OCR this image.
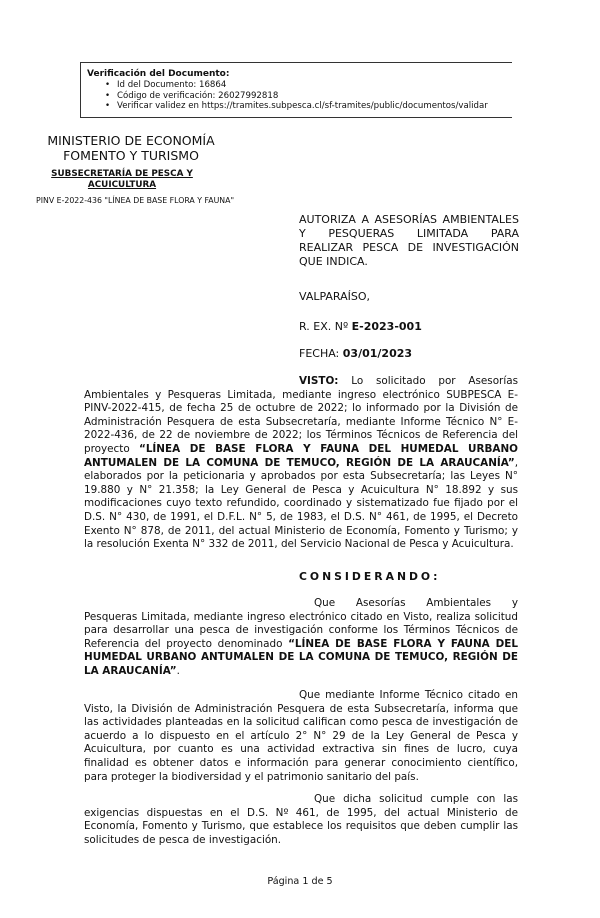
Verificación del Documento:
• Id del Documento: 16864
• Código de verificación: 26027992818
• Verificar validez en https://tramites.subpesca.cl/sf-tramites/public/documentos/validar
MINISTERIO DE ECONOMÍA
FOMENTO Y TURISMO
SUBSECRETARÍA DE PESCA Y ACUICULTURA
PINV E-2022-436 "LÍNEA DE BASE FLORA Y FAUNA"
AUTORIZA A ASESORÍAS AMBIENTALES Y PESQUERAS LIMITADA PARA REALIZAR PESCA DE INVESTIGACIÓN QUE INDICA.
VALPARAÍSO,
R. EX. Nº E-2023-001
FECHA: 03/01/2023
VISTO: Lo solicitado por Asesorías Ambientales y Pesqueras Limitada, mediante ingreso electrónico SUBPESCA E-PINV-2022-415, de fecha 25 de octubre de 2022; lo informado por la División de Administración Pesquera de esta Subsecretaría, mediante Informe Técnico N° E-2022-436, de 22 de noviembre de 2022; los Términos Técnicos de Referencia del proyecto “LÍNEA DE BASE FLORA Y FAUNA DEL HUMEDAL URBANO ANTUMALEN DE LA COMUNA DE TEMUCO, REGIÓN DE LA ARAUCANÍA”, elaborados por la peticionaria y aprobados por esta Subsecretaría; las Leyes N° 19.880 y N° 21.358; la Ley General de Pesca y Acuicultura N° 18.892 y sus modificaciones cuyo texto refundido, coordinado y sistematizado fue fijado por el D.S. N° 430, de 1991, el D.F.L. N° 5, de 1983, el D.S. N° 461, de 1995, el Decreto Exento N° 878, de 2011, del actual Ministerio de Economía, Fomento y Turismo; y la resolución Exenta N° 332 de 2011, del Servicio Nacional de Pesca y Acuicultura.
CONSIDERANDO:
Que Asesorías Ambientales y Pesqueras Limitada, mediante ingreso electrónico citado en Visto, realiza solicitud para desarrollar una pesca de investigación conforme los Términos Técnicos de Referencia del proyecto denominado “LÍNEA DE BASE FLORA Y FAUNA DEL HUMEDAL URBANO ANTUMALEN DE LA COMUNA DE TEMUCO, REGIÓN DE LA ARAUCANÍA”.
Que mediante Informe Técnico citado en Visto, la División de Administración Pesquera de esta Subsecretaría, informa que las actividades planteadas en la solicitud califican como pesca de investigación de acuerdo a lo dispuesto en el artículo 2° N° 29 de la Ley General de Pesca y Acuicultura, por cuanto es una actividad extractiva sin fines de lucro, cuya finalidad es obtener datos e información para generar conocimiento científico, para proteger la biodiversidad y el patrimonio sanitario del país.
Que dicha solicitud cumple con las exigencias dispuestas en el D.S. Nº 461, de 1995, del actual Ministerio de Economía, Fomento y Turismo, que establece los requisitos que deben cumplir las solicitudes de pesca de investigación.
Página 1 de 5
